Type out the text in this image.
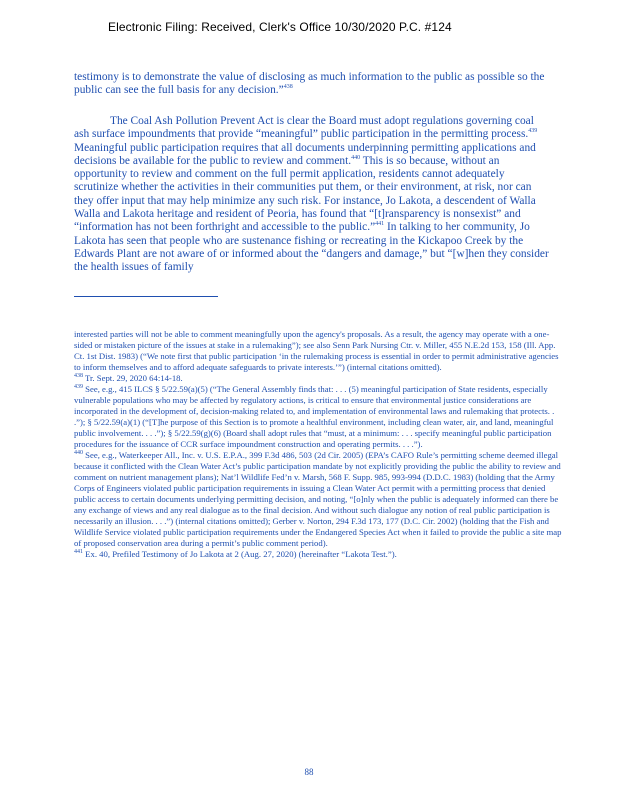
Electronic Filing: Received, Clerk's Office 10/30/2020 P.C. #124

testimony is to demonstrate the value of disclosing as much information to the public as possible so the public can see the full basis for any decision.”$^{438}$

The Coal Ash Pollution Prevent Act is clear the Board must adopt regulations governing coal ash surface impoundments that provide “meaningful” public participation in the permitting process.$^{439}$ Meaningful public participation requires that all documents underpinning permitting applications and decisions be available for the public to review and comment.$^{440}$ This is so because, without an opportunity to review and comment on the full permit application, residents cannot adequately scrutinize whether the activities in their communities put them, or their environment, at risk, nor can they offer input that may help minimize any such risk. For instance, Jo Lakota, a descendent of Walla Walla and Lakota heritage and resident of Peoria, has found that “[t]ransparency is nonsexist” and “information has not been forthright and accessible to the public.”$^{441}$ In talking to her community, Jo Lakota has seen that people who are sustenance fishing or recreating in the Kickapoo Creek by the Edwards Plant are not aware of or informed about the “dangers and damage,” but “[w]hen they consider the health issues of family

interested parties will not be able to comment meaningfully upon the agency's proposals. As a result, the agency may operate with a one-sided or mistaken picture of the issues at stake in a rulemaking”); see also Senn Park Nursing Ctr. v. Miller, 455 N.E.2d 153, 158 (Ill. App. Ct. 1st Dist. 1983) (“We note first that public participation ‘in the rulemaking process is essential in order to permit administrative agencies to inform themselves and to afford adequate safeguards to private interests.’”) (internal citations omitted).

$^{438}$ Tr. Sept. 29, 2020 64:14-18.

$^{439}$ See, e.g., 415 ILCS § 5/22.59(a)(5) (“The General Assembly finds that: . . . (5) meaningful participation of State residents, especially vulnerable populations who may be affected by regulatory actions, is critical to ensure that environmental justice considerations are incorporated in the development of, decision-making related to, and implementation of environmental laws and rulemaking that protects. . .”); § 5/22.59(a)(1) (“[T]he purpose of this Section is to promote a healthful environment, including clean water, air, and land, meaningful public involvement. . . .”); § 5/22.59(g)(6) (Board shall adopt rules that “must, at a minimum: . . . specify meaningful public participation procedures for the issuance of CCR surface impoundment construction and operating permits. . . .”).

$^{440}$ See, e.g., Waterkeeper All., Inc. v. U.S. E.P.A., 399 F.3d 486, 503 (2d Cir. 2005) (EPA’s CAFO Rule’s permitting scheme deemed illegal because it conflicted with the Clean Water Act’s public participation mandate by not explicitly providing the public the ability to review and comment on nutrient management plans); Nat’l Wildlife Fed’n v. Marsh, 568 F. Supp. 985, 993-994 (D.D.C. 1983) (holding that the Army Corps of Engineers violated public participation requirements in issuing a Clean Water Act permit with a permitting process that denied public access to certain documents underlying permitting decision, and noting, “[o]nly when the public is adequately informed can there be any exchange of views and any real dialogue as to the final decision. And without such dialogue any notion of real public participation is necessarily an illusion. . . .”) (internal citations omitted); Gerber v. Norton, 294 F.3d 173, 177 (D.C. Cir. 2002) (holding that the Fish and Wildlife Service violated public participation requirements under the Endangered Species Act when it failed to provide the public a site map of proposed conservation area during a permit’s public comment period).

$^{441}$ Ex. 40, Prefiled Testimony of Jo Lakota at 2 (Aug. 27, 2020) (hereinafter “Lakota Test.”).

88
